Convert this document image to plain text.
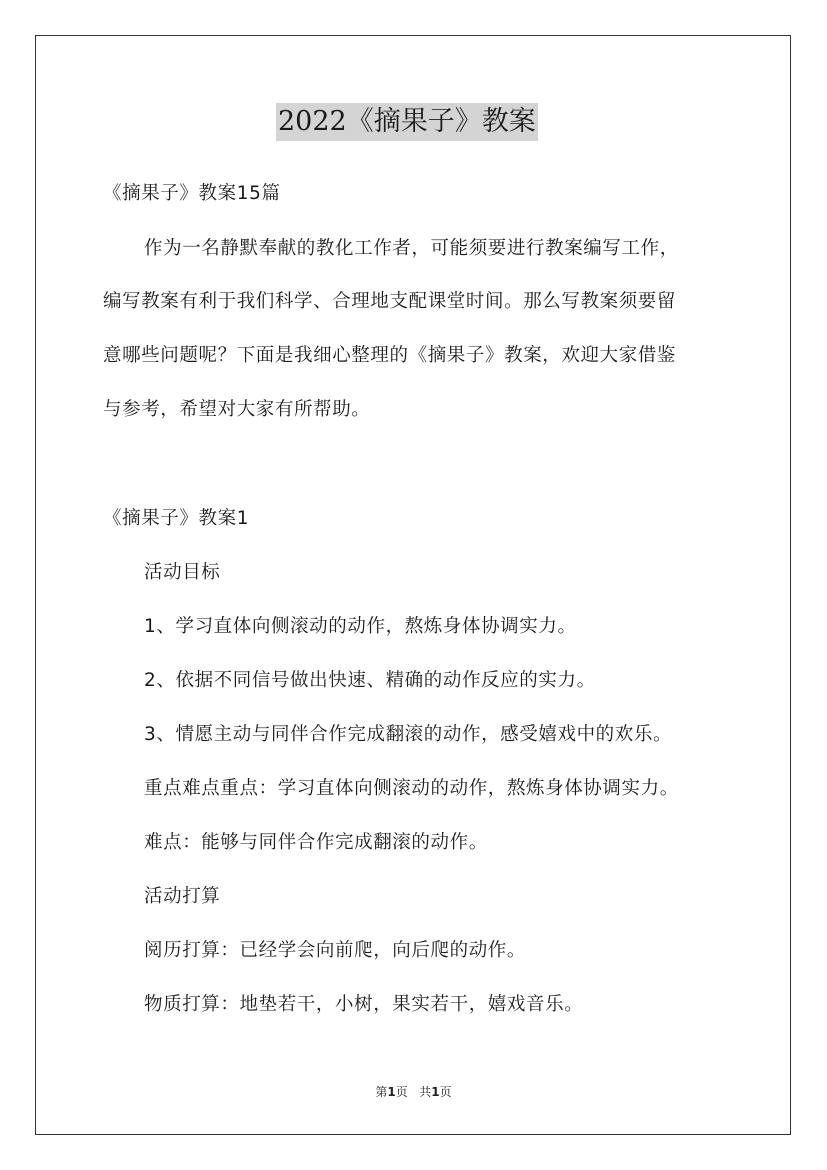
2022《摘果子》教案
《摘果子》教案15篇
作为一名静默奉献的教化工作者，可能须要进行教案编写工作，
编写教案有利于我们科学、合理地支配课堂时间。那么写教案须要留
意哪些问题呢？下面是我细心整理的《摘果子》教案，欢迎大家借鉴
与参考，希望对大家有所帮助。
《摘果子》教案1
活动目标
1、学习直体向侧滚动的动作，熬炼身体协调实力。
2、依据不同信号做出快速、精确的动作反应的实力。
3、情愿主动与同伴合作完成翻滚的动作，感受嬉戏中的欢乐。
重点难点重点：学习直体向侧滚动的动作，熬炼身体协调实力。
难点：能够与同伴合作完成翻滚的动作。
活动打算
阅历打算：已经学会向前爬，向后爬的动作。
物质打算：地垫若干，小树，果实若干，嬉戏音乐。
第1页 共1页
